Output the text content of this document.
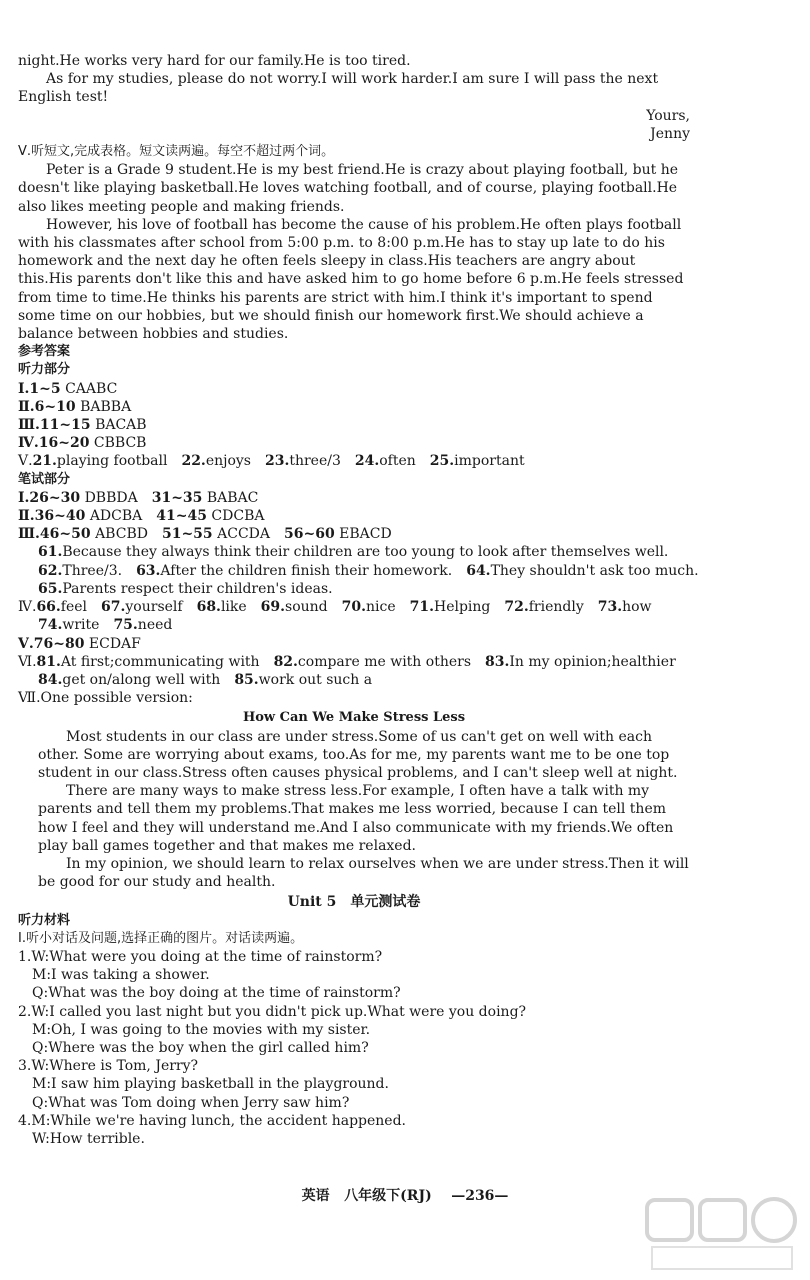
night.He works very hard for our family.He is too tired.

As for my studies, please do not worry.I will work harder.I am sure I will pass the next English test!

Yours,

Jenny

Ⅴ.听短文,完成表格。短文读两遍。每空不超过两个词。

Peter is a Grade 9 student.He is my best friend.He is crazy about playing football, but he doesn't like playing basketball.He loves watching football, and of course, playing football.He also likes meeting people and making friends.

However, his love of football has become the cause of his problem.He often plays football with his classmates after school from 5:00 p.m. to 8:00 p.m.He has to stay up late to do his homework and the next day he often feels sleepy in class.His teachers are angry about this.His parents don't like this and have asked him to go home before 6 p.m.He feels stressed from time to time.He thinks his parents are strict with him.I think it's important to spend some time on our hobbies, but we should finish our homework first.We should achieve a balance between hobbies and studies.

参考答案

听力部分

Ⅰ.1~5 CAABC

Ⅱ.6~10 BABBA

Ⅲ.11~15 BACAB

Ⅳ.16~20 CBBCB

Ⅴ.21.playing football 22.enjoys 23.three/3 24.often 25.important

笔试部分

Ⅰ.26~30 DBBDA 31~35 BABAC

Ⅱ.36~40 ADCBA 41~45 CDCBA

Ⅲ.46~50 ABCBD 51~55 ACCDA 56~60 EBACD

61.Because they always think their children are too young to look after themselves well.

62.Three/3. 63.After the children finish their homework. 64.They shouldn't ask too much.

65.Parents respect their children's ideas.

Ⅳ.66.feel 67.yourself 68.like 69.sound 70.nice 71.Helping 72.friendly 73.how

74.write 75.need

Ⅴ.76~80 ECDAF

Ⅵ.81.At first;communicating with 82.compare me with others 83.In my opinion;healthier

84.get on/along well with 85.work out such a

Ⅶ.One possible version:

How Can We Make Stress Less

Most students in our class are under stress.Some of us can't get on well with each other. Some are worrying about exams, too.As for me, my parents want me to be one top student in our class.Stress often causes physical problems, and I can't sleep well at night.

There are many ways to make stress less.For example, I often have a talk with my parents and tell them my problems.That makes me less worried, because I can tell them how I feel and they will understand me.And I also communicate with my friends.We often play ball games together and that makes me relaxed.

In my opinion, we should learn to relax ourselves when we are under stress.Then it will be good for our study and health.

Unit 5　单元测试卷

听力材料

Ⅰ.听小对话及问题,选择正确的图片。对话读两遍。

1.W:What were you doing at the time of rainstorm?

M:I was taking a shower.

Q:What was the boy doing at the time of rainstorm?

2.W:I called you last night but you didn't pick up.What were you doing?

M:Oh, I was going to the movies with my sister.

Q:Where was the boy when the girl called him?

3.W:Where is Tom, Jerry?

M:I saw him playing basketball in the playground.

Q:What was Tom doing when Jerry saw him?

4.M:While we're having lunch, the accident happened.

W:How terrible.

英语 八年级下(RJ) —236—
